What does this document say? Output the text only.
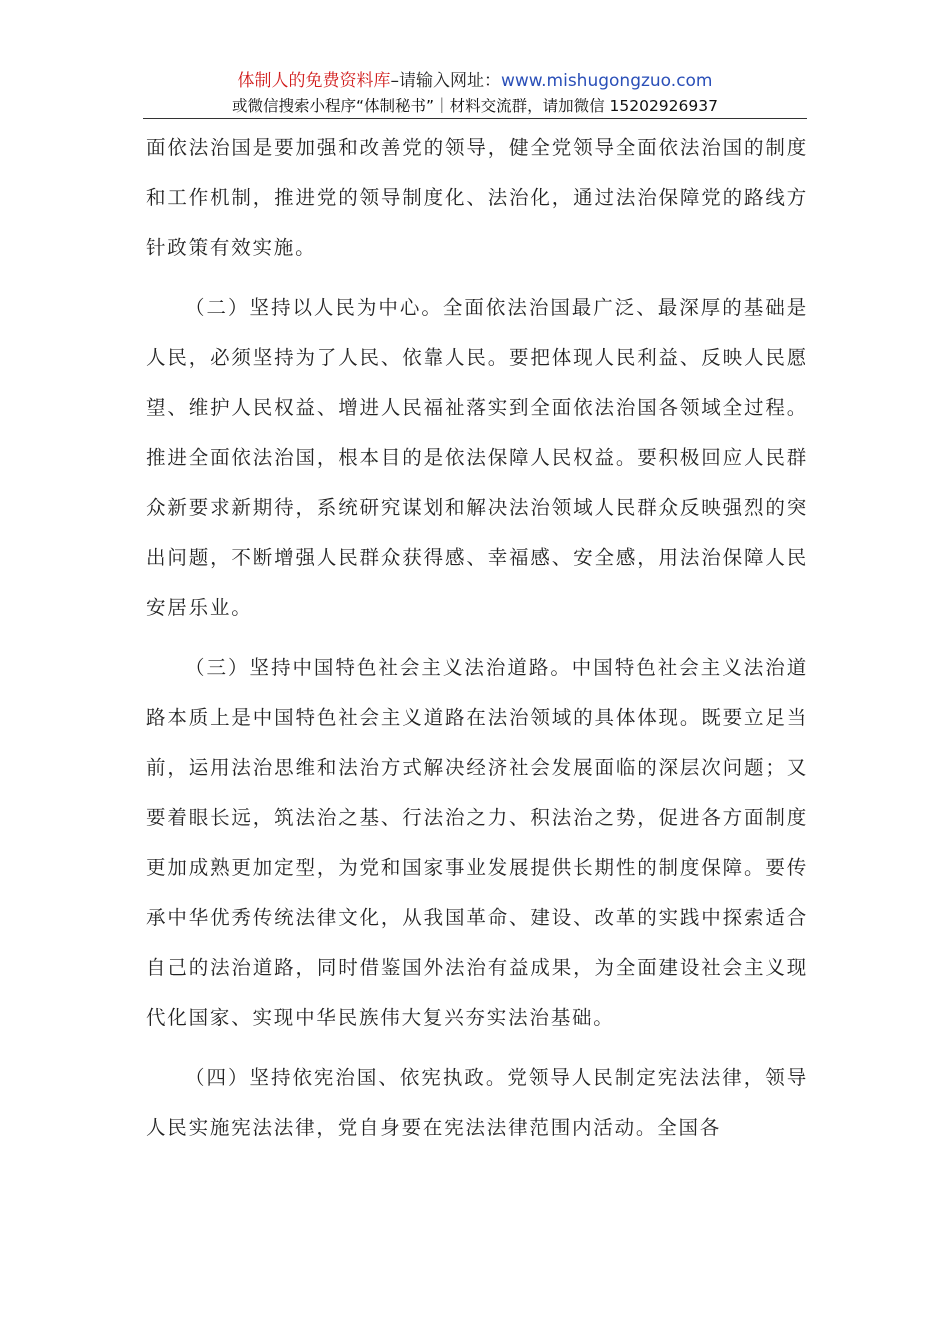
体制人的免费资料库–请输入网址：www.mishugongzuo.com
或微信搜索小程序“体制秘书”｜材料交流群，请加微信 15202926937

面依法治国是要加强和改善党的领导，健全党领导全面依法治国的制度和工作机制，推进党的领导制度化、法治化，通过法治保障党的路线方针政策有效实施。

（二）坚持以人民为中心。全面依法治国最广泛、最深厚的基础是人民，必须坚持为了人民、依靠人民。要把体现人民利益、反映人民愿望、维护人民权益、增进人民福祉落实到全面依法治国各领域全过程。推进全面依法治国，根本目的是依法保障人民权益。要积极回应人民群众新要求新期待，系统研究谋划和解决法治领域人民群众反映强烈的突出问题，不断增强人民群众获得感、幸福感、安全感，用法治保障人民安居乐业。

（三）坚持中国特色社会主义法治道路。中国特色社会主义法治道路本质上是中国特色社会主义道路在法治领域的具体体现。既要立足当前，运用法治思维和法治方式解决经济社会发展面临的深层次问题；又要着眼长远，筑法治之基、行法治之力、积法治之势，促进各方面制度更加成熟更加定型，为党和国家事业发展提供长期性的制度保障。要传承中华优秀传统法律文化，从我国革命、建设、改革的实践中探索适合自己的法治道路，同时借鉴国外法治有益成果，为全面建设社会主义现代化国家、实现中华民族伟大复兴夯实法治基础。

（四）坚持依宪治国、依宪执政。党领导人民制定宪法法律，领导人民实施宪法法律，党自身要在宪法法律范围内活动。全国各
